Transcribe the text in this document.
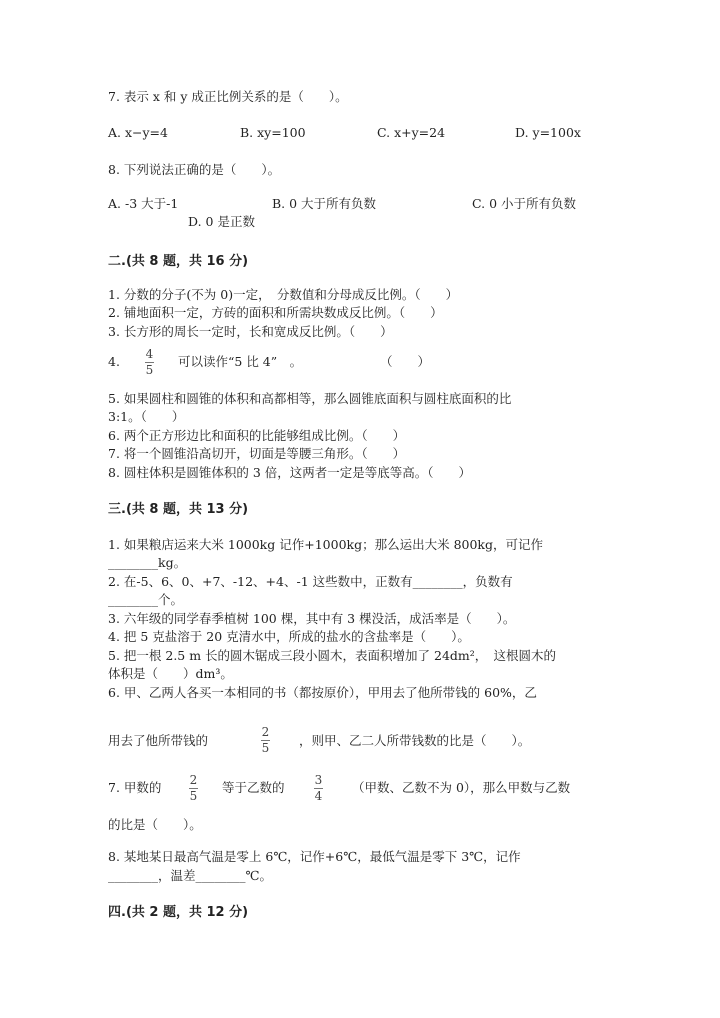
7. 表示 x 和 y 成正比例关系的是（　　）。
A. x−y=4	B. xy=100	C. x+y=24	D. y=100x
8. 下列说法正确的是（　　）。
A. -3 大于-1	B. 0 大于所有负数	C. 0 小于所有负数
D. 0 是正数
二.(共 8 题，共 16 分)
1. 分数的分子(不为 0)一定，　分数值和分母成反比例。（　　）
2. 铺地面积一定，方砖的面积和所需块数成反比例。（　　）
3. 长方形的周长一定时，长和宽成反比例。（　　）
4. 4
5
可以读作“5 比 4”　。	（　　）
5. 如果圆柱和圆锥的体积和高都相等，那么圆锥底面积与圆柱底面积的比
3:1。（　　）
6. 两个正方形边比和面积的比能够组成比例。（　　）
7. 将一个圆锥沿高切开，切面是等腰三角形。（　　）
8. 圆柱体积是圆锥体积的 3 倍，这两者一定是等底等高。（　　）
三.(共 8 题，共 13 分)
1. 如果粮店运来大米 1000kg 记作+1000kg；那么运出大米 800kg，可记作
________kg。
2. 在-5、6、0、+7、-12、+4、-1 这些数中，正数有________，负数有
________个。
3. 六年级的同学春季植树 100 棵，其中有 3 棵没活，成活率是（　　）。
4. 把 5 克盐溶于 20 克清水中，所成的盐水的含盐率是（　　）。
5. 把一根 2.5 m 长的圆木锯成三段小圆木，表面积增加了 24dm²，　这根圆木的
体积是（　　）dm³。
6. 甲、乙两人各买一本相同的书（都按原价），甲用去了他所带钱的 60%，乙
用去了他所带钱的
2
5 ，则甲、乙二人所带钱数的比是（　　）。
7. 甲数的 2
5
等于乙数的	3
4
（甲数、乙数不为 0），那么甲数与乙数
的比是（　　）。
8. 某地某日最高气温是零上 6℃，记作+6℃，最低气温是零下 3℃，记作
________，温差________℃。
四.(共 2 题，共 12 分)
